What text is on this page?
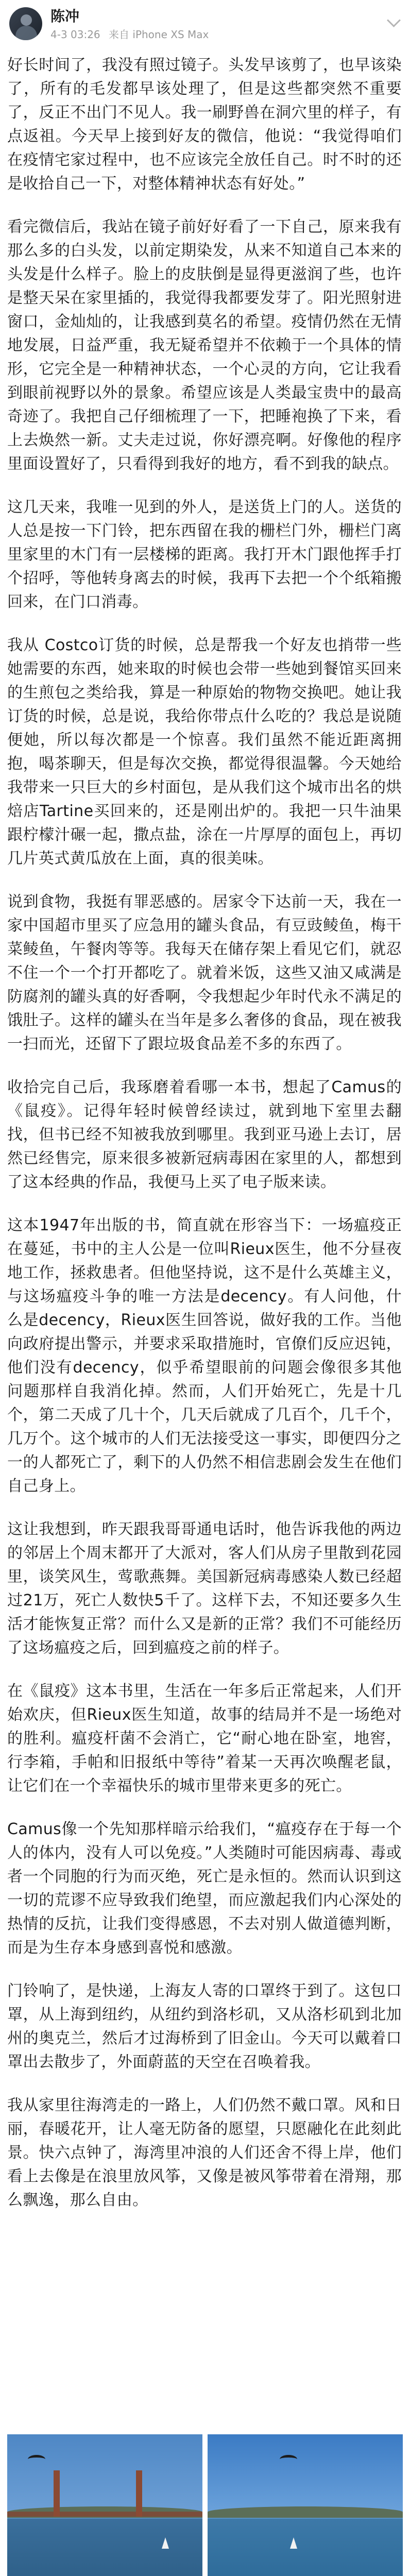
陈冲
4-3 03:26 来自 iPhone XS Max

好长时间了，我没有照过镜子。头发早该剪了，也早该染了，所有的毛发都早该处理了，但是这些都突然不重要了，反正不出门不见人。我一刷野兽在洞穴里的样子，有点返祖。今天早上接到好友的微信，他说：“我觉得咱们在疫情宅家过程中，也不应该完全放任自己。时不时的还是收拾自己一下，对整体精神状态有好处。”

看完微信后，我站在镜子前好好看了一下自己，原来我有那么多的白头发，以前定期染发，从来不知道自己本来的头发是什么样子。脸上的皮肤倒是显得更滋润了些，也许是整天呆在家里插的，我觉得我都要发芽了。阳光照射进窗口，金灿灿的，让我感到莫名的希望。疫情仍然在无情地发展，日益严重，我无疑希望并不依赖于一个具体的情形，它完全是一种精神状态，一个心灵的方向，它让我看到眼前视野以外的景象。希望应该是人类最宝贵中的最高奇迹了。我把自己仔细梳理了一下，把睡袍换了下来，看上去焕然一新。丈夫走过说，你好漂亮啊。好像他的程序里面设置好了，只看得到我好的地方，看不到我的缺点。

这几天来，我唯一见到的外人，是送货上门的人。送货的人总是按一下门铃，把东西留在我的栅栏门外，栅栏门离里家里的木门有一层楼梯的距离。我打开木门跟他挥手打个招呼，等他转身离去的时候，我再下去把一个个纸箱搬回来，在门口消毒。

我从 Costco订货的时候，总是帮我一个好友也捎带一些她需要的东西，她来取的时候也会带一些她到餐馆买回来的生煎包之类给我，算是一种原始的物物交换吧。她让我订货的时候，总是说，我给你带点什么吃的？我总是说随便她，所以每次都是一个惊喜。我们虽然不能近距离拥抱，喝茶聊天，但是每次交换，都觉得很温馨。今天她给我带来一只巨大的乡村面包，是从我们这个城市出名的烘焙店Tartine买回来的，还是刚出炉的。我把一只牛油果跟柠檬汁碾一起，撒点盐，涂在一片厚厚的面包上，再切几片英式黄瓜放在上面，真的很美味。

说到食物，我挺有罪恶感的。居家令下达前一天，我在一家中国超市里买了应急用的罐头食品，有豆豉鲮鱼，梅干菜鲮鱼，午餐肉等等。我每天在储存架上看见它们，就忍不住一个一个打开都吃了。就着米饭，这些又油又咸满是防腐剂的罐头真的好香啊，令我想起少年时代永不满足的饿肚子。这样的罐头在当年是多么奢侈的食品，现在被我一扫而光，还留下了跟垃圾食品差不多的东西了。

收拾完自己后，我琢磨着看哪一本书，想起了Camus的《鼠疫》。记得年轻时候曾经读过，就到地下室里去翻找，但书已经不知被我放到哪里。我到亚马逊上去订，居然已经售完，原来很多被新冠病毒困在家里的人，都想到了这本经典的作品，我便马上买了电子版来读。

这本1947年出版的书，简直就在形容当下：一场瘟疫正在蔓延，书中的主人公是一位叫Rieux医生，他不分昼夜地工作，拯救患者。但他坚持说，这不是什么英雄主义，与这场瘟疫斗争的唯一方法是decency。有人问他，什么是decency，Rieux医生回答说，做好我的工作。当他向政府提出警示，并要求采取措施时，官僚们反应迟钝，他们没有decency，似乎希望眼前的问题会像很多其他问题那样自我消化掉。然而，人们开始死亡，先是十几个，第二天成了几十个，几天后就成了几百个，几千个，几万个。这个城市的人们无法接受这一事实，即便四分之一的人都死亡了，剩下的人仍然不相信悲剧会发生在他们自己身上。

这让我想到，昨天跟我哥哥通电话时，他告诉我他的两边的邻居上个周末都开了大派对，客人们从房子里散到花园里，谈笑风生，莺歌燕舞。美国新冠病毒感染人数已经超过21万，死亡人数快5千了。这样下去，不知还要多久生活才能恢复正常？而什么又是新的正常？我们不可能经历了这场瘟疫之后，回到瘟疫之前的样子。

在《鼠疫》这本书里，生活在一年多后正常起来，人们开始欢庆，但Rieux医生知道，故事的结局并不是一场绝对的胜利。瘟疫杆菌不会消亡，它“耐心地在卧室，地窖，行李箱，手帕和旧报纸中等待”着某一天再次唤醒老鼠，让它们在一个幸福快乐的城市里带来更多的死亡。

Camus像一个先知那样暗示给我们，“瘟疫存在于每一个人的体内，没有人可以免疫。”人类随时可能因病毒、毒或者一个同胞的行为而灭绝，死亡是永恒的。然而认识到这一切的荒谬不应导致我们绝望，而应激起我们内心深处的热情的反抗，让我们变得感恩，不去对别人做道德判断，而是为生存本身感到喜悦和感激。

门铃响了，是快递，上海友人寄的口罩终于到了。这包口罩，从上海到纽约，从纽约到洛杉矶，又从洛杉矶到北加州的奥克兰，然后才过海桥到了旧金山。今天可以戴着口罩出去散步了，外面蔚蓝的天空在召唤着我。

我从家里往海湾走的一路上，人们仍然不戴口罩。风和日丽，春暖花开，让人毫无防备的愿望，只愿融化在此刻此景。快六点钟了，海湾里冲浪的人们还舍不得上岸，他们看上去像是在浪里放风筝，又像是被风筝带着在滑翔，那么飘逸，那么自由。
